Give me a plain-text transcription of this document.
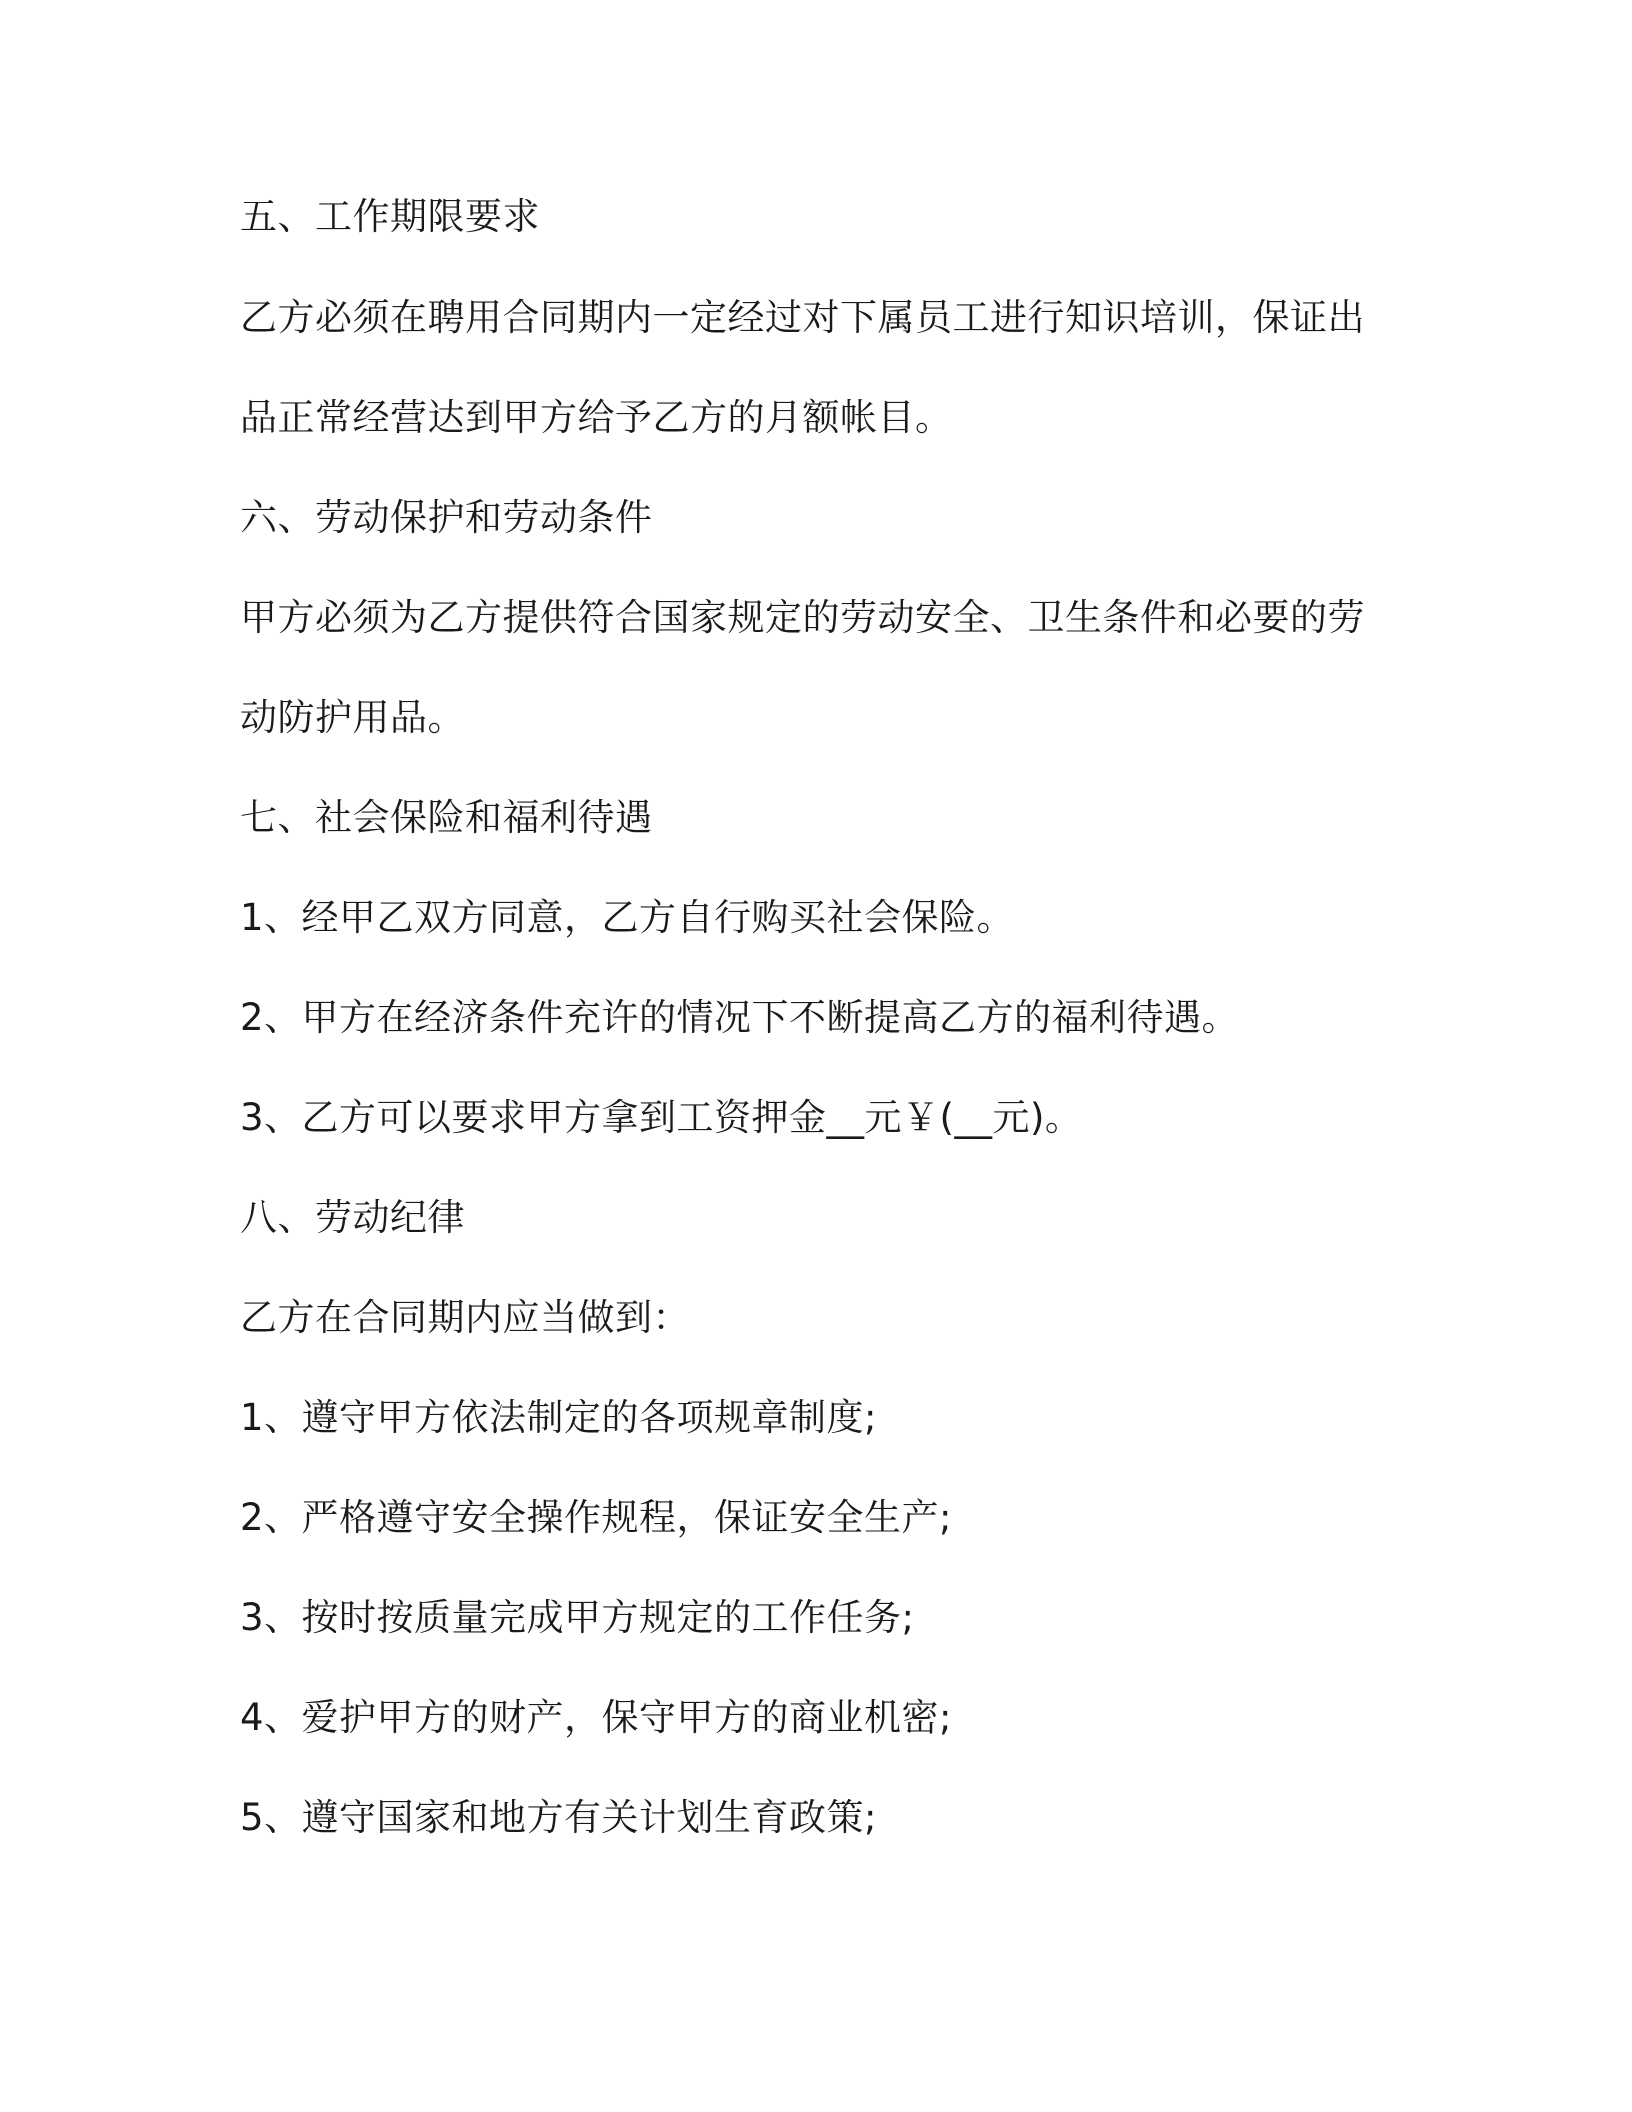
五、工作期限要求

乙方必须在聘用合同期内一定经过对下属员工进行知识培训，保证出

品正常经营达到甲方给予乙方的月额帐目。

六、劳动保护和劳动条件

甲方必须为乙方提供符合国家规定的劳动安全、卫生条件和必要的劳

动防护用品。

七、社会保险和福利待遇

1、经甲乙双方同意，乙方自行购买社会保险。

2、甲方在经济条件充许的情况下不断提高乙方的福利待遇。

3、乙方可以要求甲方拿到工资押金__元￥(__元)。

八、劳动纪律

乙方在合同期内应当做到：

1、遵守甲方依法制定的各项规章制度;

2、严格遵守安全操作规程，保证安全生产;

3、按时按质量完成甲方规定的工作任务;

4、爱护甲方的财产，保守甲方的商业机密;

5、遵守国家和地方有关计划生育政策;
